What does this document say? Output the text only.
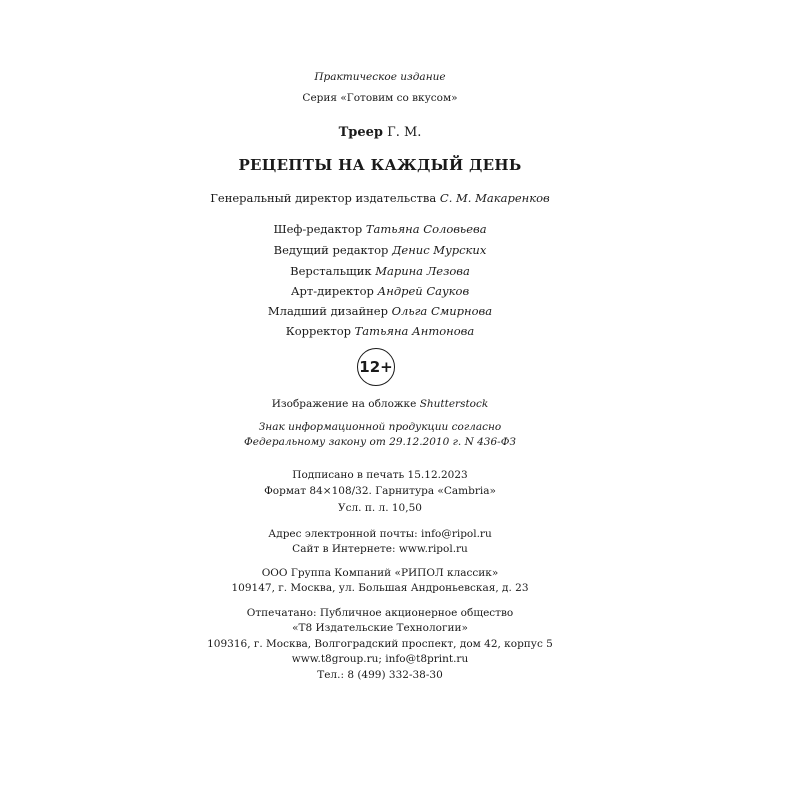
Практическое издание
Серия «Готовим со вкусом»
Треер Г. М.
РЕЦЕПТЫ НА КАЖДЫЙ ДЕНЬ
Генеральный директор издательства С. М. Макаренков
Шеф-редактор Татьяна Соловьева
Ведущий редактор Денис Мурских
Верстальщик Марина Лезова
Арт-директор Андрей Сауков
Младший дизайнер Ольга Смирнова
Корректор Татьяна Антонова
12+
Изображение на обложке Shutterstock
Знак информационной продукции согласно
Федеральному закону от 29.12.2010 г. N 436-ФЗ
Подписано в печать 15.12.2023
Формат 84×108/32. Гарнитура «Cambria»
Усл. п. л. 10,50
Адрес электронной почты: info@ripol.ru
Сайт в Интернете: www.ripol.ru
ООО Группа Компаний «РИПОЛ классик»
109147, г. Москва, ул. Большая Андроньевская, д. 23
Отпечатано: Публичное акционерное общество
«Т8 Издательские Технологии»
109316, г. Москва, Волгоградский проспект, дом 42, корпус 5
www.t8group.ru; info@t8print.ru
Тел.: 8 (499) 332-38-30
